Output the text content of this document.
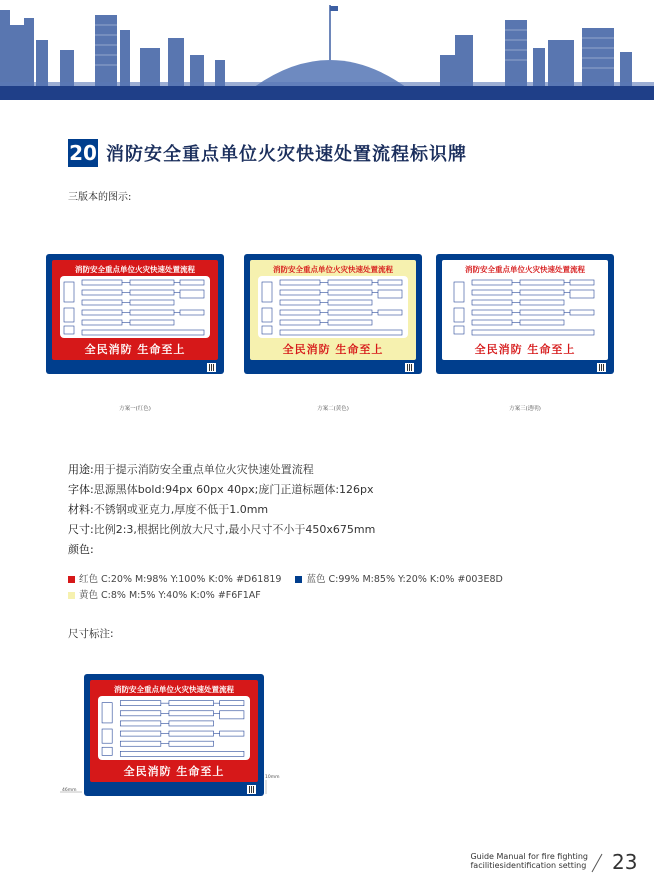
20 消防安全重点单位火灾快速处置流程标识牌
三版本的图示:
消防安全重点单位火灾快速处置流程
全民消防 生命至上
方案一(红色)
消防安全重点单位火灾快速处置流程
全民消防 生命至上
方案二(黄色)
消防安全重点单位火灾快速处置流程
全民消防 生命至上
方案三(透明)
用途:用于提示消防安全重点单位火灾快速处置流程
字体:思源黑体bold:94px 60px 40px;庞门正道标题体:126px
材料:不锈钢或亚克力,厚度不低于1.0mm
尺寸:比例2:3,根据比例放大尺寸,最小尺寸不小于450x675mm
颜色:
红色 C:20% M:98% Y:100% K:0% #D61819	蓝色 C:99% M:85% Y:20% K:0% #003E8D
黄色 C:8% M:5% Y:40% K:0% #F6F1AF
尺寸标注:
消防安全重点单位火灾快速处置流程
全民消防 生命至上	10mm
46mm
Guide Manual for fire fighting
facilitiesidentification setting 23
